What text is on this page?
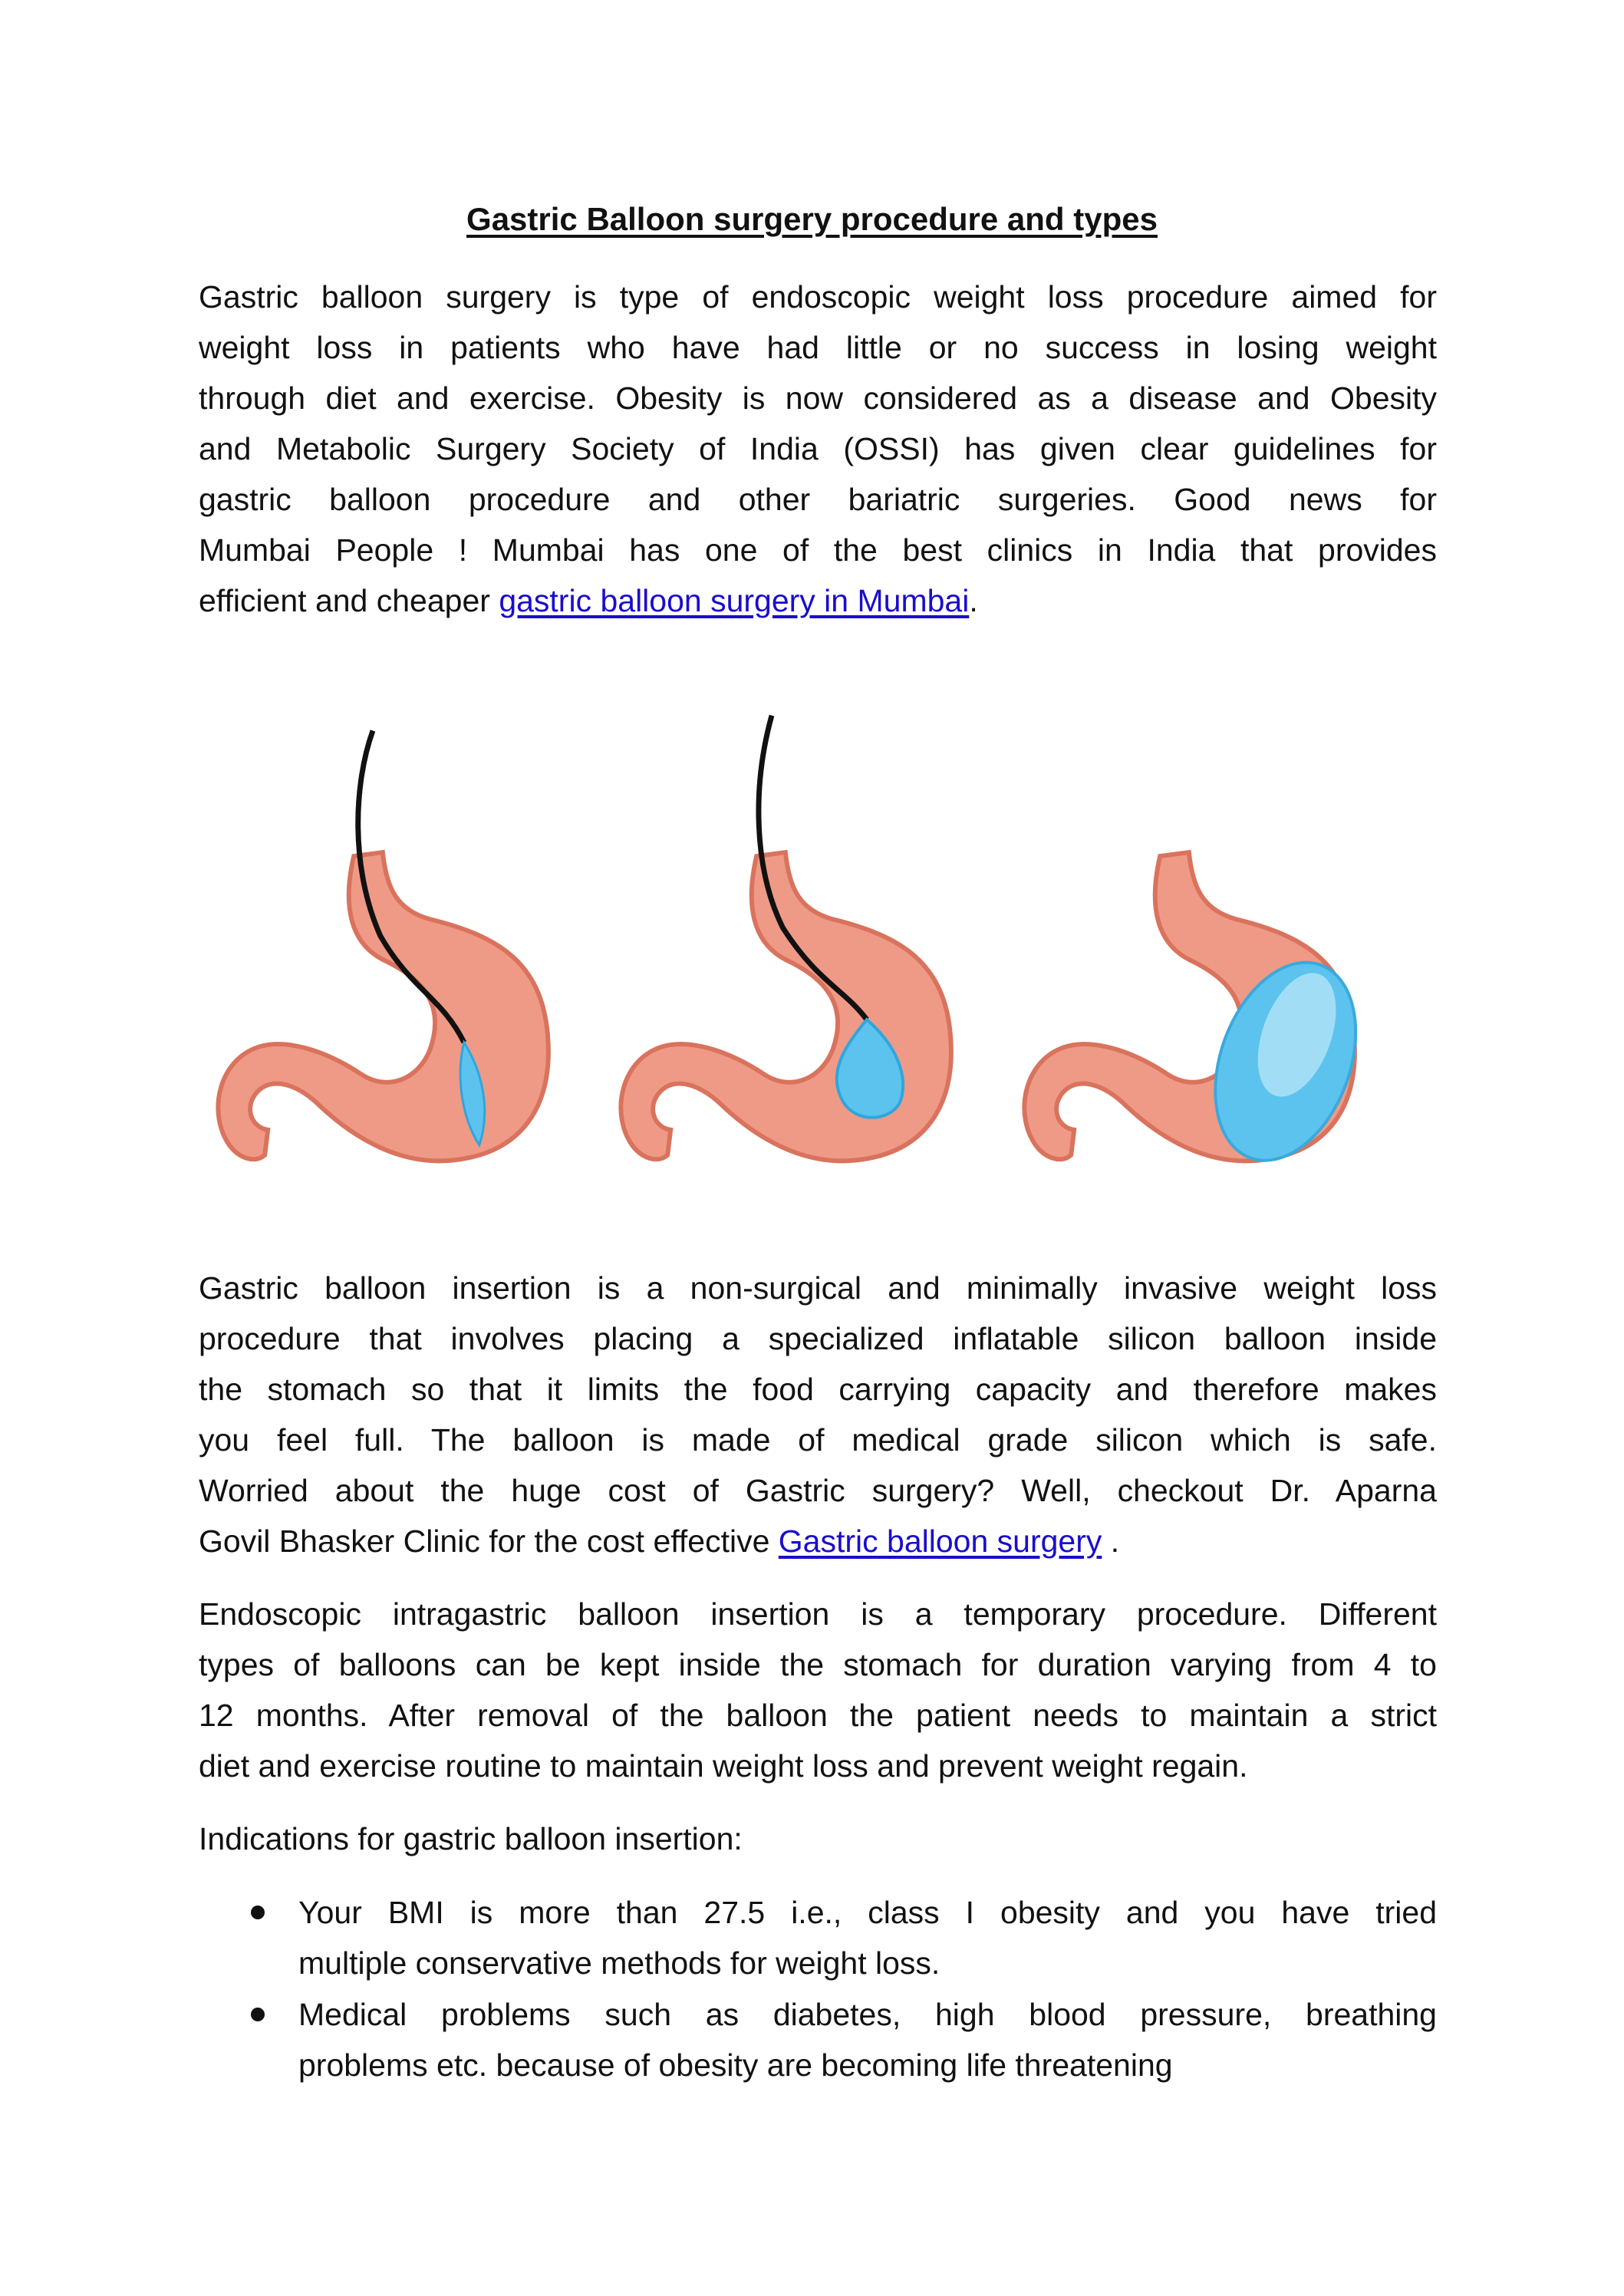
Gastric Balloon surgery procedure and types
Gastric balloon surgery is type of endoscopic weight loss procedure aimed for
weight loss in patients who have had little or no success in losing weight
through diet and exercise. Obesity is now considered as a disease and Obesity
and Metabolic Surgery Society of India (OSSI) has given clear guidelines for
gastric balloon procedure and other bariatric surgeries. Good news for
Mumbai People ! Mumbai has one of the best clinics in India that provides
efficient and cheaper gastric balloon surgery in Mumbai.
Gastric balloon insertion is a non-surgical and minimally invasive weight loss
procedure that involves placing a specialized inflatable silicon balloon inside
the stomach so that it limits the food carrying capacity and therefore makes
you feel full. The balloon is made of medical grade silicon which is safe.
Worried about the huge cost of Gastric surgery? Well, checkout Dr. Aparna
Govil Bhasker Clinic for the cost effective Gastric balloon surgery .
Endoscopic intragastric balloon insertion is a temporary procedure. Different
types of balloons can be kept inside the stomach for duration varying from 4 to
12 months. After removal of the balloon the patient needs to maintain a strict
diet and exercise routine to maintain weight loss and prevent weight regain.
Indications for gastric balloon insertion:
Your BMI is more than 27.5 i.e., class I obesity and you have tried
multiple conservative methods for weight loss.
Medical problems such as diabetes, high blood pressure, breathing
problems etc. because of obesity are becoming life threatening
